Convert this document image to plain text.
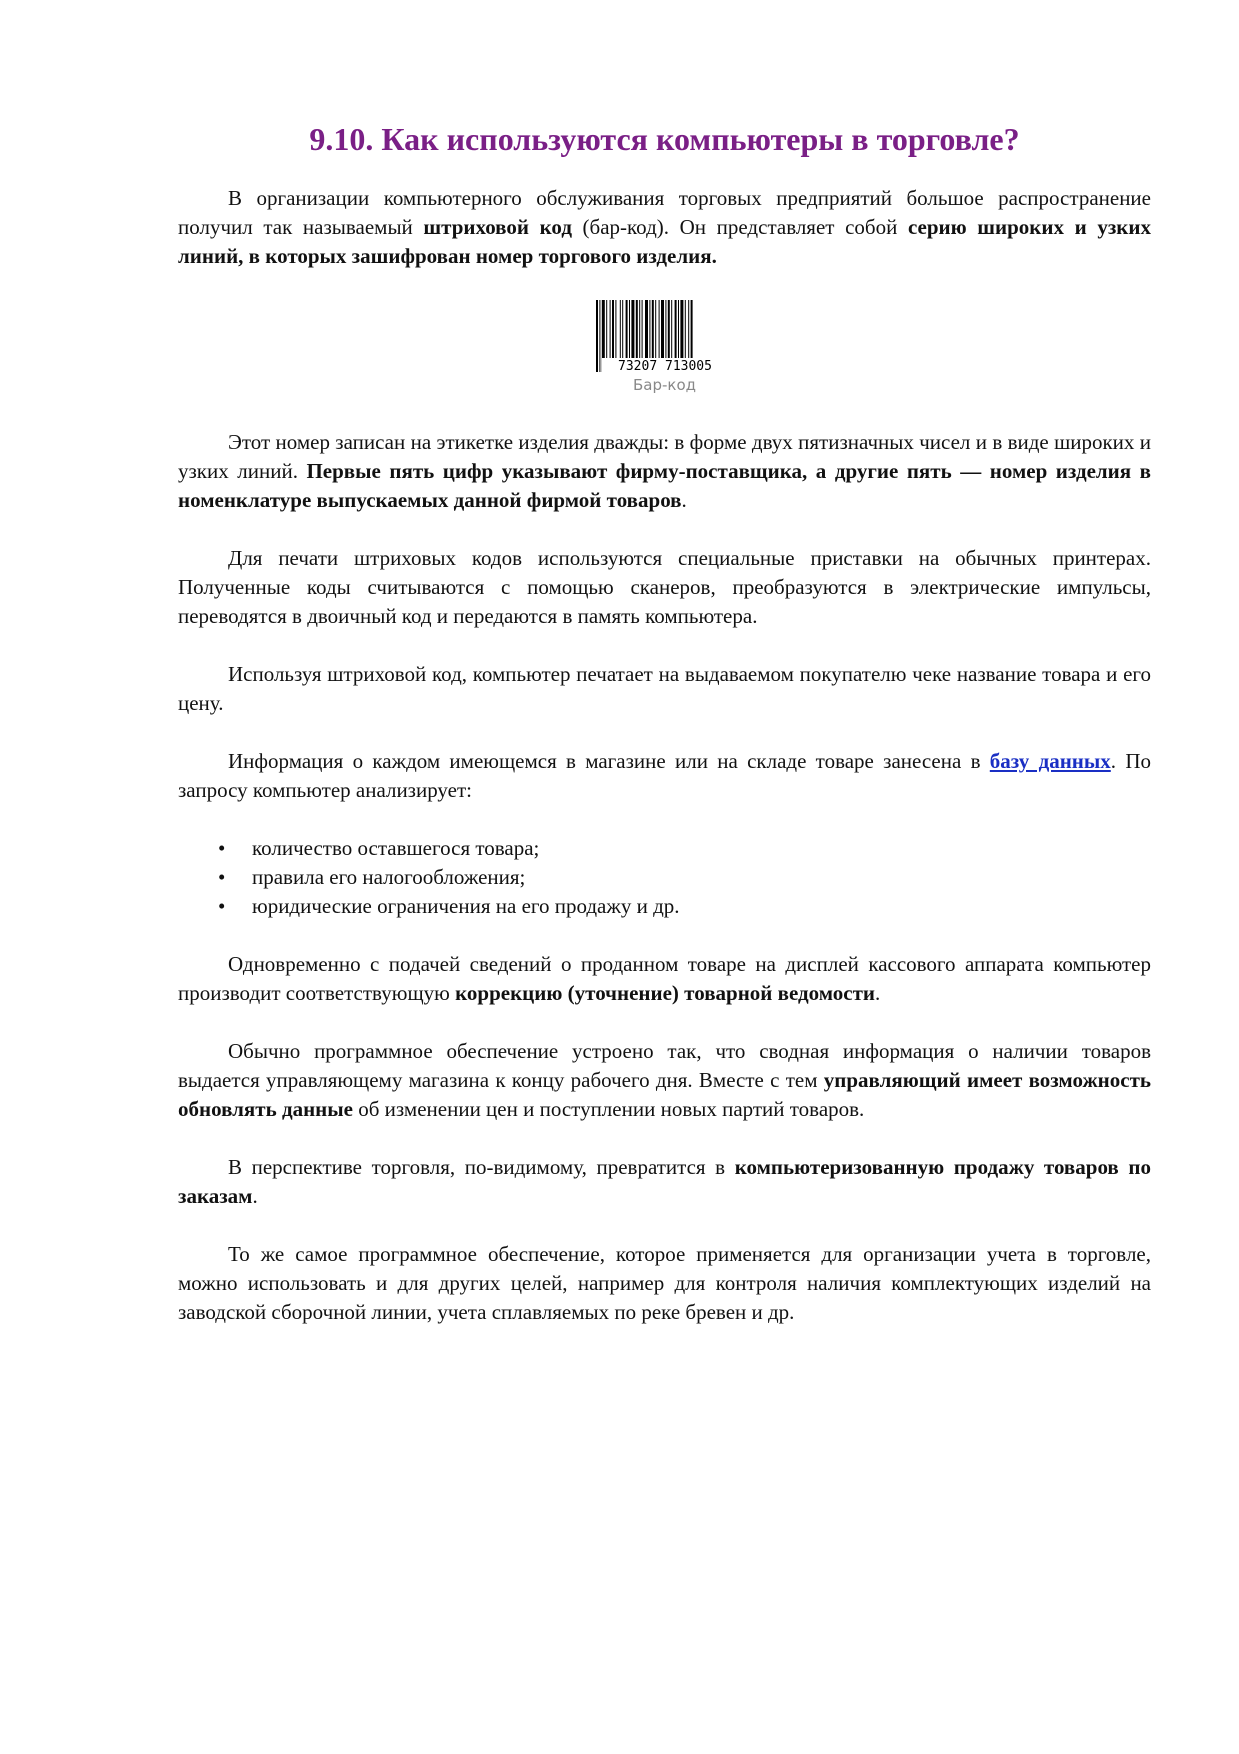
9.10. Как используются компьютеры в торговле?

В организации компьютерного обслуживания торговых предприятий большое распространение получил так называемый штриховой код (бар-код). Он представляет собой серию широких и узких линий, в которых зашифрован номер торгового изделия.

73207 713005
Бар-код

Этот номер записан на этикетке изделия дважды: в форме двух пятизначных чисел и в виде широких и узких линий. Первые пять цифр указывают фирму-поставщика, а другие пять — номер изделия в номенклатуре выпускаемых данной фирмой товаров.

Для печати штриховых кодов используются специальные приставки на обычных принтерах. Полученные коды считываются с помощью сканеров, преобразуются в электрические импульсы, переводятся в двоичный код и передаются в память компьютера.

Используя штриховой код, компьютер печатает на выдаваемом покупателю чеке название товара и его цену.

Информация о каждом имеющемся в магазине или на складе товаре занесена в базу данных. По запросу компьютер анализирует:

• количество оставшегося товара;
• правила его налогообложения;
• юридические ограничения на его продажу и др.

Одновременно с подачей сведений о проданном товаре на дисплей кассового аппарата компьютер производит соответствующую коррекцию (уточнение) товарной ведомости.

Обычно программное обеспечение устроено так, что сводная информация о наличии товаров выдается управляющему магазина к концу рабочего дня. Вместе с тем управляющий имеет возможность обновлять данные об изменении цен и поступлении новых партий товаров.

В перспективе торговля, по-видимому, превратится в компьютеризованную продажу товаров по заказам.

То же самое программное обеспечение, которое применяется для организации учета в торговле, можно использовать и для других целей, например для контроля наличия комплектующих изделий на заводской сборочной линии, учета сплавляемых по реке бревен и др.
